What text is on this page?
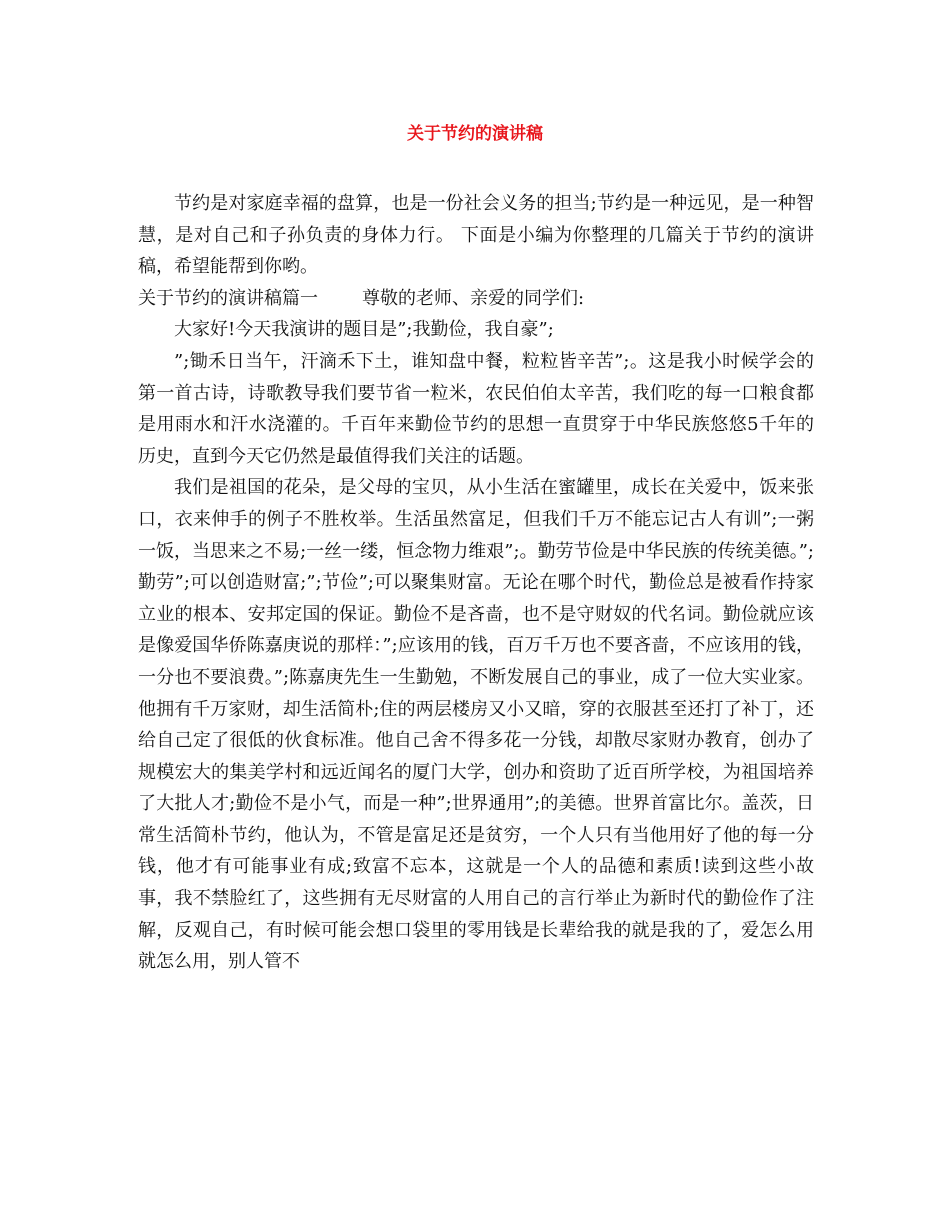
关于节约的演讲稿

节约是对家庭幸福的盘算，也是一份社会义务的担当;节约是一种远见，是一种智慧，是对自己和子孙负责的身体力行。 下面是小编为你整理的几篇关于节约的演讲稿，希望能帮到你哟。

关于节约的演讲稿篇一 尊敬的老师、亲爱的同学们:

大家好!今天我演讲的题目是”;我勤俭，我自豪”;

”;锄禾日当午，汗滴禾下土，谁知盘中餐，粒粒皆辛苦”;。这是我小时候学会的第一首古诗，诗歌教导我们要节省一粒米，农民伯伯太辛苦，我们吃的每一口粮食都是用雨水和汗水浇灌的。千百年来勤俭节约的思想一直贯穿于中华民族悠悠5千年的历史，直到今天它仍然是最值得我们关注的话题。

我们是祖国的花朵，是父母的宝贝，从小生活在蜜罐里，成长在关爱中，饭来张口，衣来伸手的例子不胜枚举。生活虽然富足，但我们千万不能忘记古人有训”;一粥一饭，当思来之不易;一丝一缕，恒念物力维艰”;。勤劳节俭是中华民族的传统美德。”;勤劳”;可以创造财富;”;节俭”;可以聚集财富。无论在哪个时代，勤俭总是被看作持家立业的根本、安邦定国的保证。勤俭不是吝啬，也不是守财奴的代名词。勤俭就应该是像爱国华侨陈嘉庚说的那样：”;应该用的钱，百万千万也不要吝啬，不应该用的钱，一分也不要浪费。”;陈嘉庚先生一生勤勉，不断发展自己的事业，成了一位大实业家。他拥有千万家财，却生活简朴;住的两层楼房又小又暗，穿的衣服甚至还打了补丁，还给自己定了很低的伙食标准。他自己舍不得多花一分钱，却散尽家财办教育，创办了规模宏大的集美学村和远近闻名的厦门大学，创办和资助了近百所学校，为祖国培养了大批人才;勤俭不是小气，而是一种”;世界通用”;的美德。世界首富比尔。盖茨，日常生活简朴节约，他认为，不管是富足还是贫穷，一个人只有当他用好了他的每一分钱，他才有可能事业有成;致富不忘本，这就是一个人的品德和素质!读到这些小故事，我不禁脸红了，这些拥有无尽财富的人用自己的言行举止为新时代的勤俭作了注解，反观自己，有时候可能会想口袋里的零用钱是长辈给我的就是我的了，爱怎么用就怎么用，别人管不
